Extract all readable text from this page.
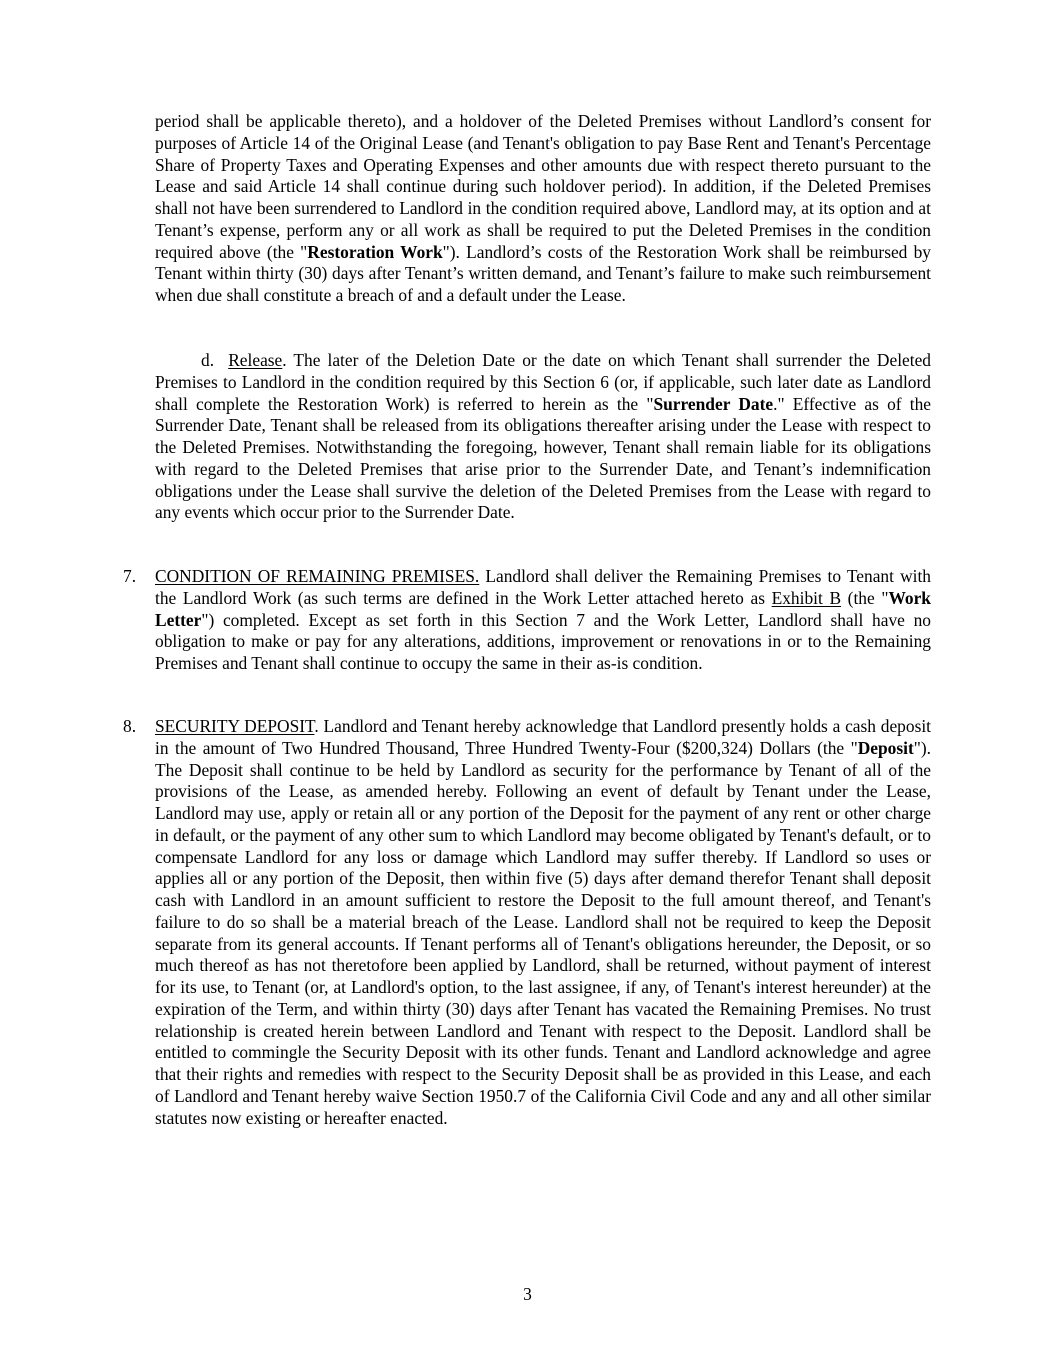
period shall be applicable thereto), and a holdover of the Deleted Premises without Landlord’s consent for purposes of Article 14 of the Original Lease (and Tenant's obligation to pay Base Rent and Tenant's Percentage Share of Property Taxes and Operating Expenses and other amounts due with respect thereto pursuant to the Lease and said Article 14 shall continue during such holdover period). In addition, if the Deleted Premises shall not have been surrendered to Landlord in the condition required above, Landlord may, at its option and at Tenant’s expense, perform any or all work as shall be required to put the Deleted Premises in the condition required above (the "Restoration Work"). Landlord’s costs of the Restoration Work shall be reimbursed by Tenant within thirty (30) days after Tenant’s written demand, and Tenant’s failure to make such reimbursement when due shall constitute a breach of and a default under the Lease.

d. Release. The later of the Deletion Date or the date on which Tenant shall surrender the Deleted Premises to Landlord in the condition required by this Section 6 (or, if applicable, such later date as Landlord shall complete the Restoration Work) is referred to herein as the "Surrender Date." Effective as of the Surrender Date, Tenant shall be released from its obligations thereafter arising under the Lease with respect to the Deleted Premises. Notwithstanding the foregoing, however, Tenant shall remain liable for its obligations with regard to the Deleted Premises that arise prior to the Surrender Date, and Tenant’s indemnification obligations under the Lease shall survive the deletion of the Deleted Premises from the Lease with regard to any events which occur prior to the Surrender Date.

7. CONDITION OF REMAINING PREMISES. Landlord shall deliver the Remaining Premises to Tenant with the Landlord Work (as such terms are defined in the Work Letter attached hereto as Exhibit B (the "Work Letter") completed. Except as set forth in this Section 7 and the Work Letter, Landlord shall have no obligation to make or pay for any alterations, additions, improvement or renovations in or to the Remaining Premises and Tenant shall continue to occupy the same in their as-is condition.

8. SECURITY DEPOSIT. Landlord and Tenant hereby acknowledge that Landlord presently holds a cash deposit in the amount of Two Hundred Thousand, Three Hundred Twenty-Four ($200,324) Dollars (the "Deposit"). The Deposit shall continue to be held by Landlord as security for the performance by Tenant of all of the provisions of the Lease, as amended hereby. Following an event of default by Tenant under the Lease, Landlord may use, apply or retain all or any portion of the Deposit for the payment of any rent or other charge in default, or the payment of any other sum to which Landlord may become obligated by Tenant's default, or to compensate Landlord for any loss or damage which Landlord may suffer thereby. If Landlord so uses or applies all or any portion of the Deposit, then within five (5) days after demand therefor Tenant shall deposit cash with Landlord in an amount sufficient to restore the Deposit to the full amount thereof, and Tenant's failure to do so shall be a material breach of the Lease. Landlord shall not be required to keep the Deposit separate from its general accounts. If Tenant performs all of Tenant's obligations hereunder, the Deposit, or so much thereof as has not theretofore been applied by Landlord, shall be returned, without payment of interest for its use, to Tenant (or, at Landlord's option, to the last assignee, if any, of Tenant's interest hereunder) at the expiration of the Term, and within thirty (30) days after Tenant has vacated the Remaining Premises. No trust relationship is created herein between Landlord and Tenant with respect to the Deposit. Landlord shall be entitled to commingle the Security Deposit with its other funds. Tenant and Landlord acknowledge and agree that their rights and remedies with respect to the Security Deposit shall be as provided in this Lease, and each of Landlord and Tenant hereby waive Section 1950.7 of the California Civil Code and any and all other similar statutes now existing or hereafter enacted.

3
